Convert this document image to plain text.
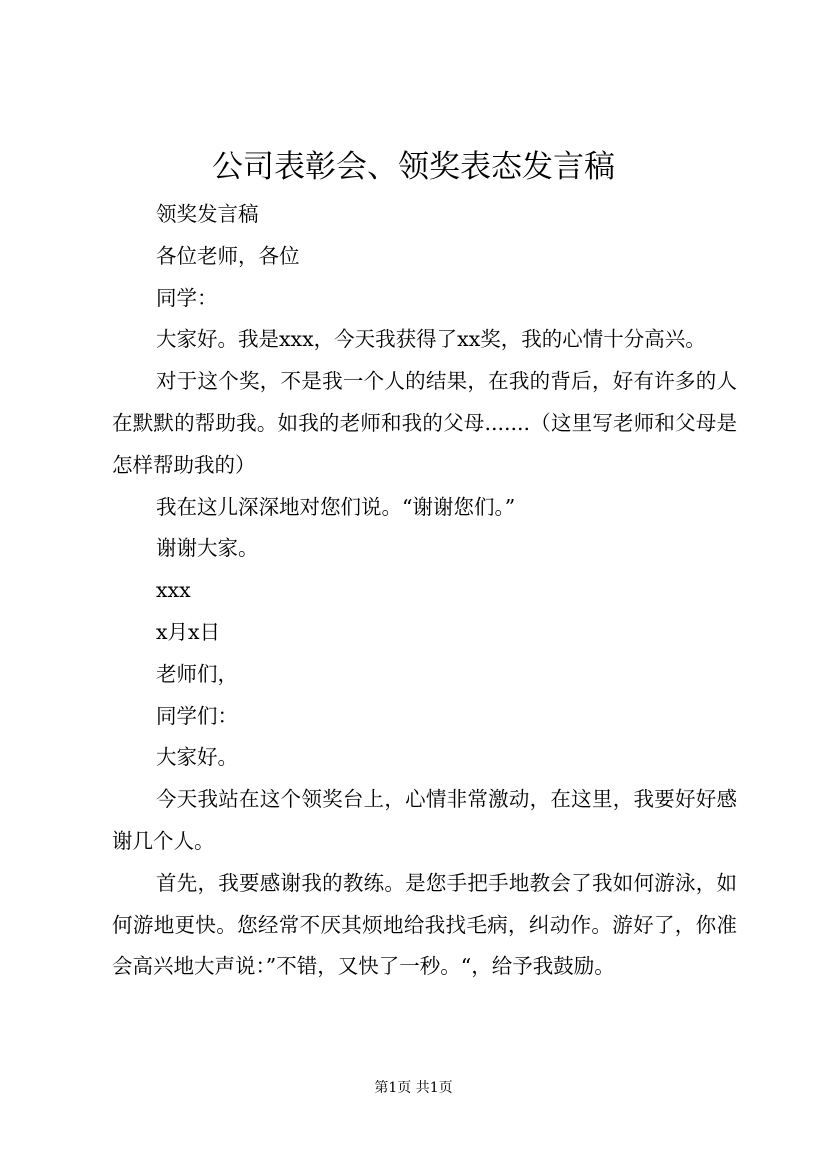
公司表彰会、领奖表态发言稿

领奖发言稿

各位老师，各位

同学：

大家好。我是xxx，今天我获得了xx奖，我的心情十分高兴。

对于这个奖，不是我一个人的结果，在我的背后，好有许多的人在默默的帮助我。如我的老师和我的父母.......（这里写老师和父母是怎样帮助我的）

我在这儿深深地对您们说。“谢谢您们。”

谢谢大家。

xxx

x月x日

老师们，

同学们：

大家好。

今天我站在这个领奖台上，心情非常激动，在这里，我要好好感谢几个人。

首先，我要感谢我的教练。是您手把手地教会了我如何游泳，如何游地更快。您经常不厌其烦地给我找毛病，纠动作。游好了，你准会高兴地大声说：”不错，又快了一秒。“，给予我鼓励。

第1页 共1页
